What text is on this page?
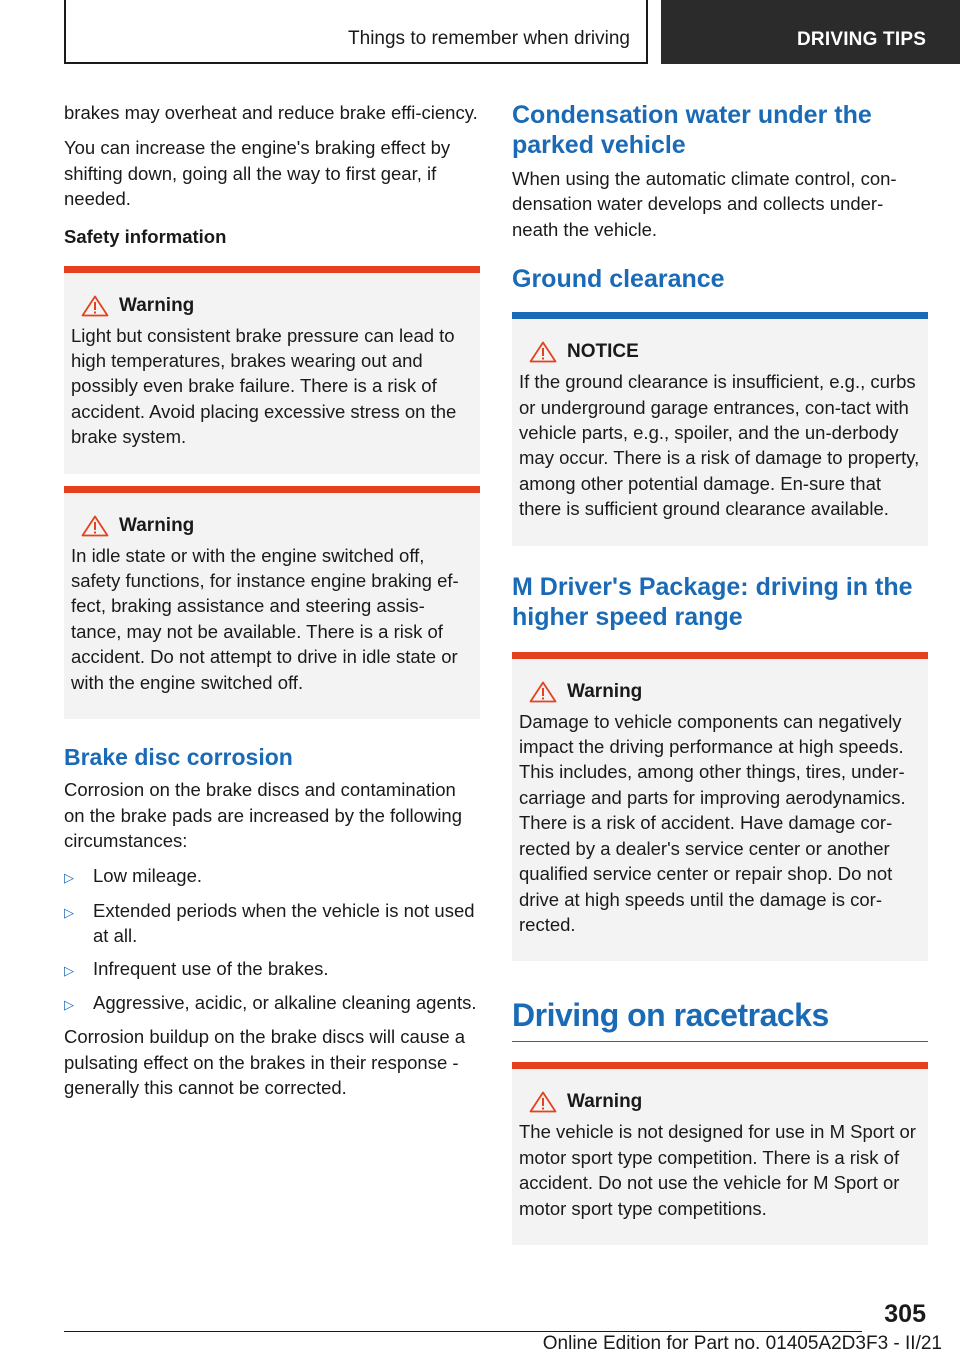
Things to remember when driving	DRIVING TIPS

brakes may overheat and reduce brake effi-ciency.

You can increase the engine's braking effect by shifting down, going all the way to first gear, if needed.

Safety information
Warning

Light but consistent brake pressure can lead to high temperatures, brakes wearing out and possibly even brake failure. There is a risk of accident. Avoid placing excessive stress on the brake system.

Warning

In idle state or with the engine switched off, safety functions, for instance engine braking ef-fect, braking assistance and steering assis-tance, may not be available. There is a risk of accident. Do not attempt to drive in idle state or with the engine switched off.

Brake disc corrosion

Corrosion on the brake discs and contamination on the brake pads are increased by the following circumstances:

▷	Low mileage.
▷	Extended periods when the vehicle is not used at all.
▷	Infrequent use of the brakes.
▷	Aggressive, acidic, or alkaline cleaning agents.

Corrosion buildup on the brake discs will cause a pulsating effect on the brakes in their response - generally this cannot be corrected.

Condensation water under the parked vehicle

When using the automatic climate control, con-densation water develops and collects under-neath the vehicle.

Ground clearance
NOTICE

If the ground clearance is insufficient, e.g., curbs or underground garage entrances, con-tact with vehicle parts, e.g., spoiler, and the un-derbody may occur. There is a risk of damage to property, among other potential damage. En-sure that there is sufficient ground clearance available.

M Driver's Package: driving in the higher speed range
Warning

Damage to vehicle components can negatively impact the driving performance at high speeds. This includes, among other things, tires, under-carriage and parts for improving aerodynamics. There is a risk of accident. Have damage cor-rected by a dealer's service center or another qualified service center or repair shop. Do not drive at high speeds until the damage is cor-rected.

Driving on racetracks
Warning

The vehicle is not designed for use in M Sport or motor sport type competition. There is a risk of accident. Do not use the vehicle for M Sport or motor sport type competitions.

305
Online Edition for Part no. 01405A2D3F3 - II/21
